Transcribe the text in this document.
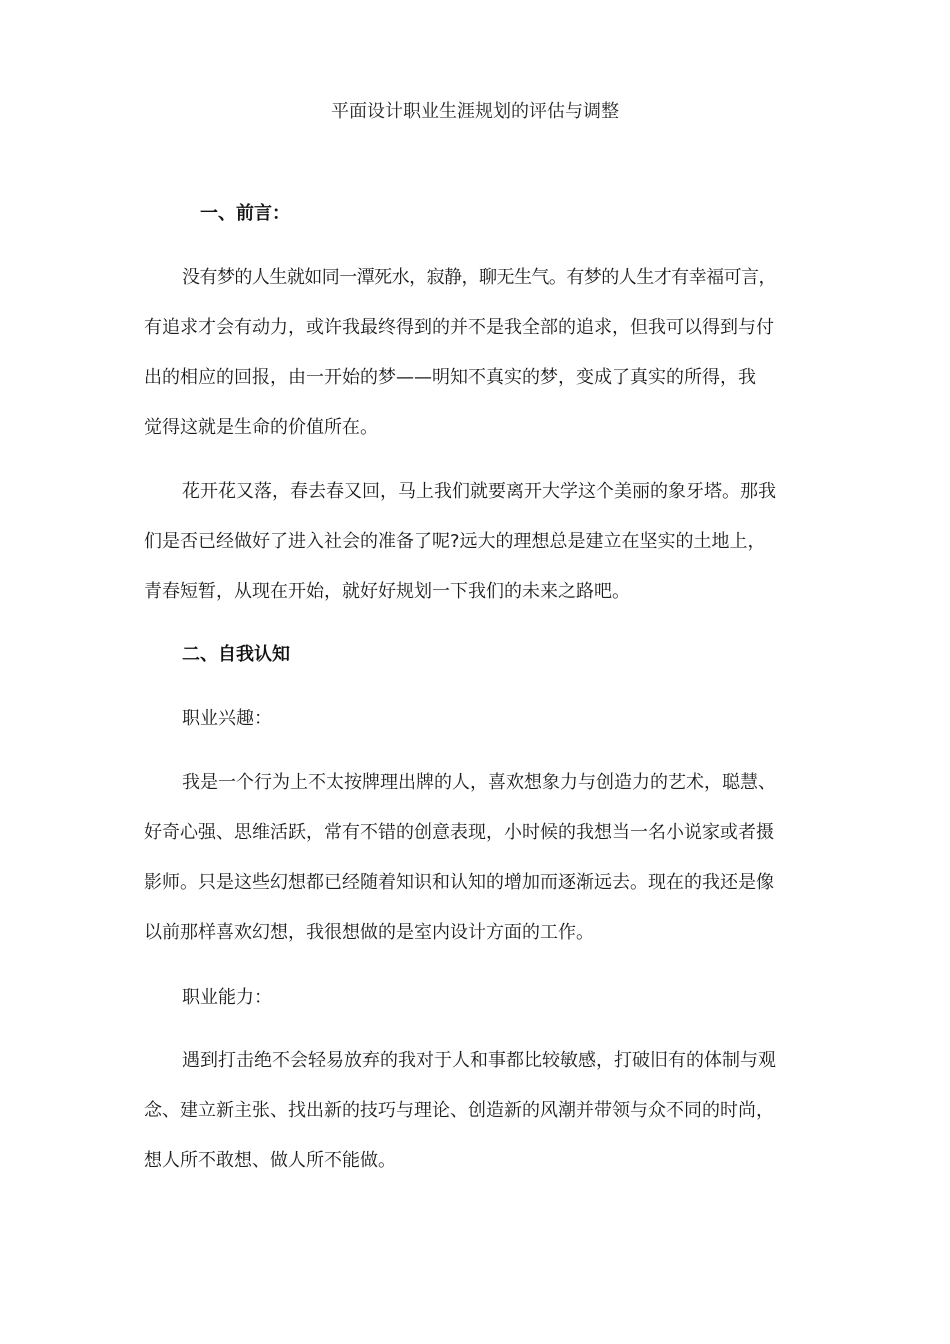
平面设计职业生涯规划的评估与调整
一、前言：
没有梦的人生就如同一潭死水，寂静，聊无生气。有梦的人生才有幸福可言，
有追求才会有动力，或许我最终得到的并不是我全部的追求，但我可以得到与付
出的相应的回报，由一开始的梦——明知不真实的梦，变成了真实的所得，我
觉得这就是生命的价值所在。
花开花又落，春去春又回，马上我们就要离开大学这个美丽的象牙塔。那我
们是否已经做好了进入社会的准备了呢?远大的理想总是建立在坚实的土地上，
青春短暂，从现在开始，就好好规划一下我们的未来之路吧。
二、自我认知
职业兴趣：
我是一个行为上不太按牌理出牌的人，喜欢想象力与创造力的艺术，聪慧、
好奇心强、思维活跃，常有不错的创意表现，小时候的我想当一名小说家或者摄
影师。只是这些幻想都已经随着知识和认知的增加而逐渐远去。现在的我还是像
以前那样喜欢幻想，我很想做的是室内设计方面的工作。
职业能力：
遇到打击绝不会轻易放弃的我对于人和事都比较敏感，打破旧有的体制与观
念、建立新主张、找出新的技巧与理论、创造新的风潮并带领与众不同的时尚，
想人所不敢想、做人所不能做。
